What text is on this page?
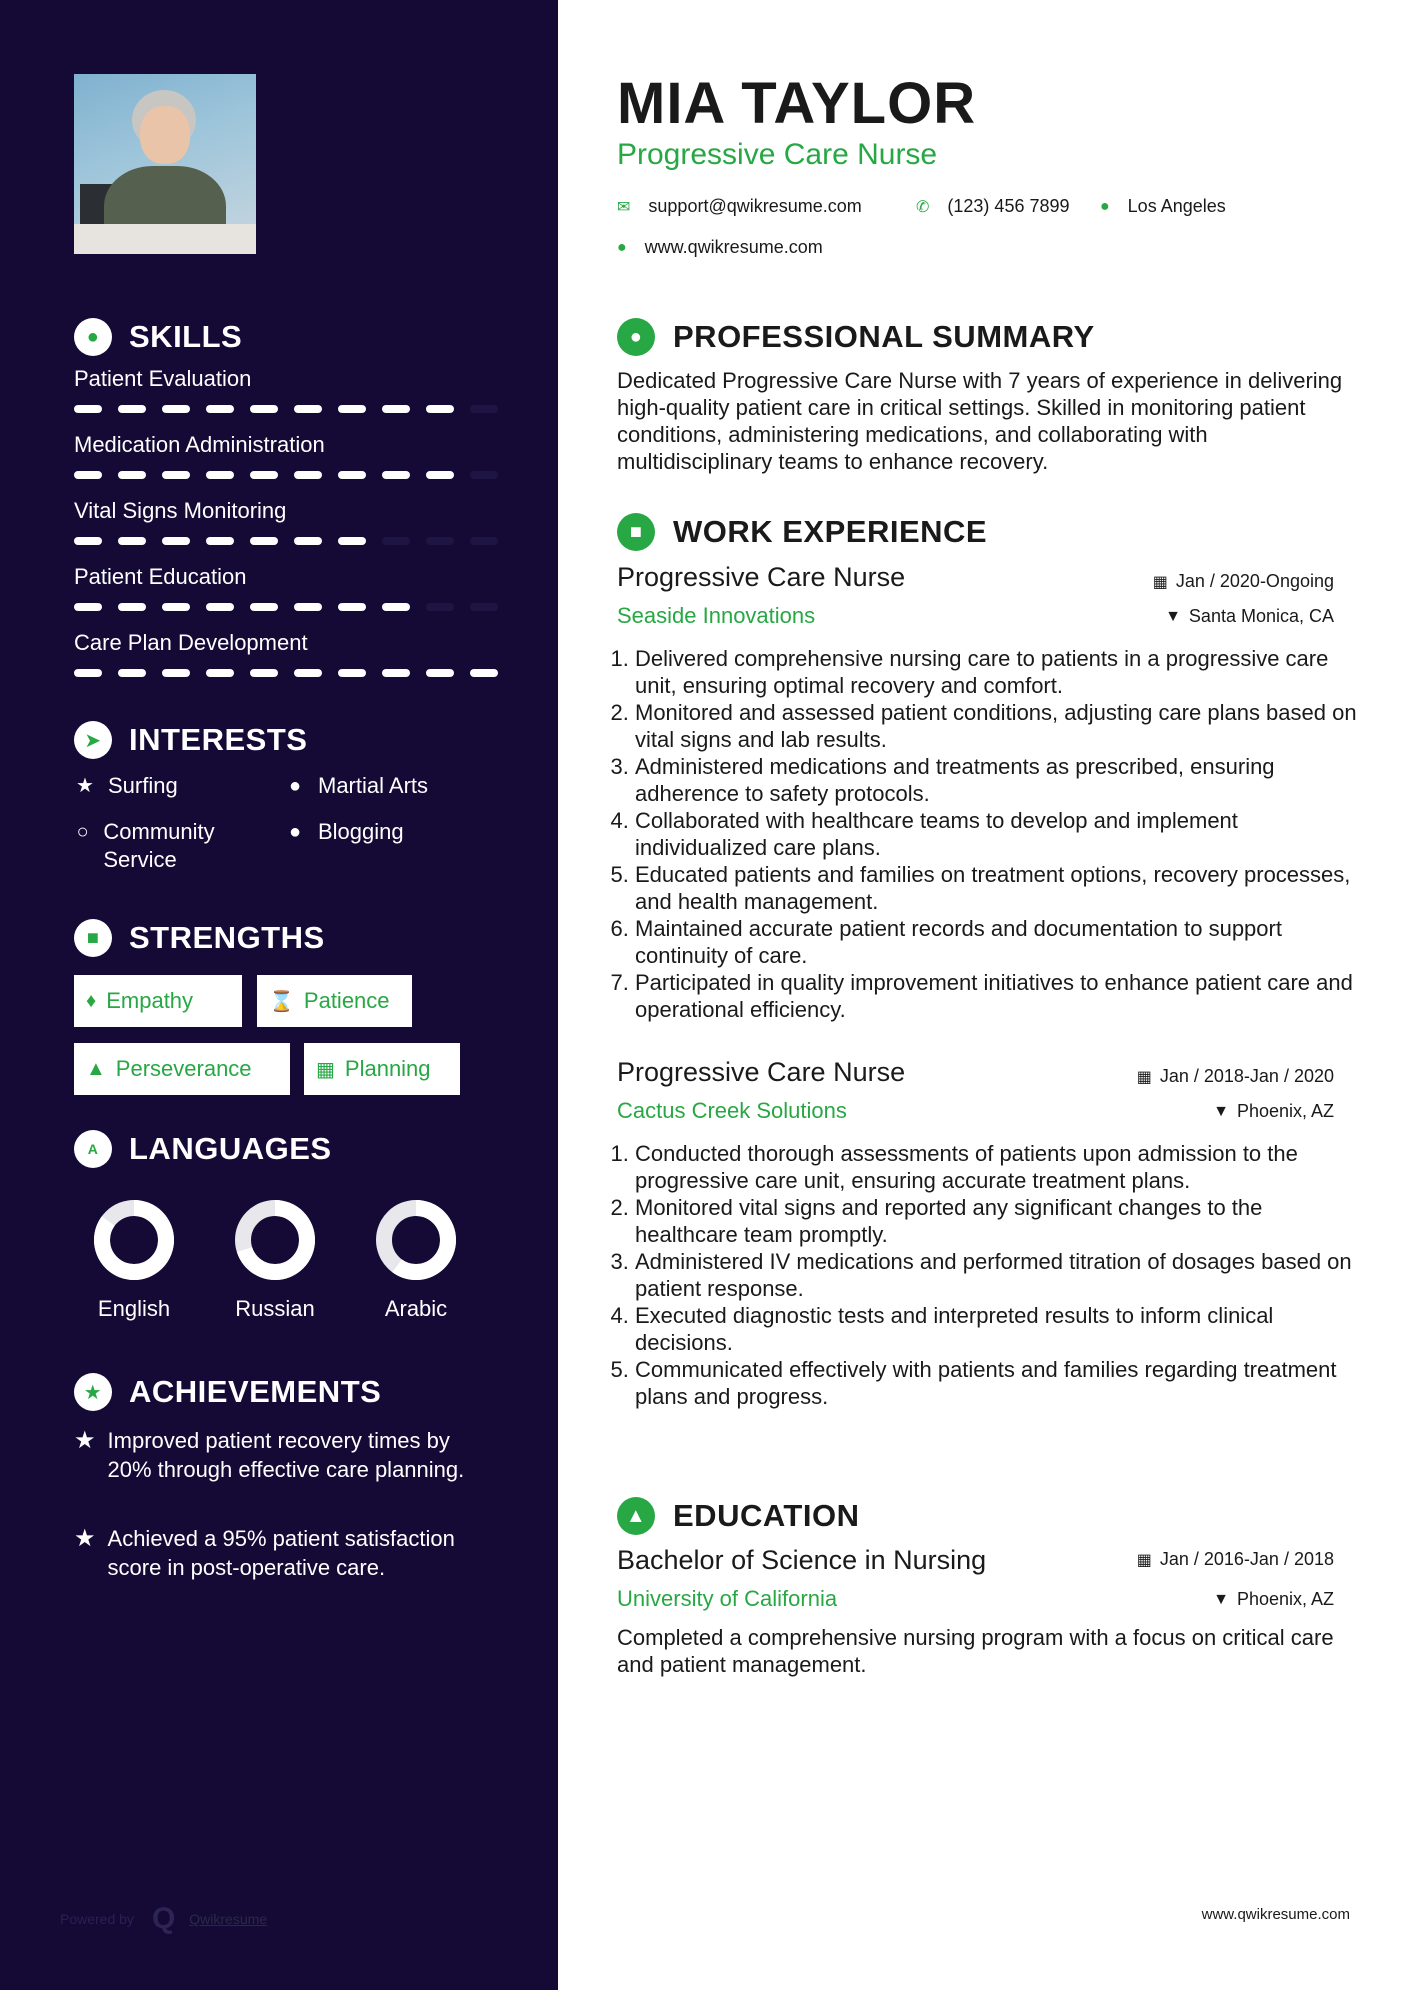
● SKILLS
Patient Evaluation
Medication Administration
Vital Signs Monitoring
Patient Education
Care Plan Development
➤ INTERESTS
★ Surfing	● Martial Arts
○ Community Service
● Blogging
■ STRENGTHS
♦ Empathy	⌛ Patience
▲ Perseverance	▦ Planning
A LANGUAGES
English	Russian	Arabic
★ ACHIEVEMENTS
★ Improved patient recovery times by 20% through effective care planning.
★ Achieved a 95% patient satisfaction score in post-operative care.
Powered by Q Qwikresume
MIA TAYLOR
Progressive Care Nurse
✉ support@qwikresume.com	✆ (123) 456 7899 ● Los Angeles
● www.qwikresume.com
● PROFESSIONAL SUMMARY
Dedicated Progressive Care Nurse with 7 years of experience in delivering high-quality patient care in critical settings. Skilled in monitoring patient conditions, administering medications, and collaborating with multidisciplinary teams to enhance recovery.
■ WORK EXPERIENCE
Progressive Care Nurse	▦ Jan / 2020-Ongoing
Seaside Innovations	▼ Santa Monica, CA
1. Delivered comprehensive nursing care to patients in a progressive care unit, ensuring optimal recovery and comfort.
2. Monitored and assessed patient conditions, adjusting care plans based on vital signs and lab results.
3. Administered medications and treatments as prescribed, ensuring adherence to safety protocols.
4. Collaborated with healthcare teams to develop and implement individualized care plans.
5. Educated patients and families on treatment options, recovery processes, and health management.
6. Maintained accurate patient records and documentation to support continuity of care.
7. Participated in quality improvement initiatives to enhance patient care and operational efficiency.
Progressive Care Nurse	▦ Jan / 2018-Jan / 2020
Cactus Creek Solutions	▼ Phoenix, AZ
1. Conducted thorough assessments of patients upon admission to the progressive care unit, ensuring accurate treatment plans.
2. Monitored vital signs and reported any significant changes to the healthcare team promptly.
3. Administered IV medications and performed titration of dosages based on patient response.
4. Executed diagnostic tests and interpreted results to inform clinical decisions.
5. Communicated effectively with patients and families regarding treatment plans and progress.
▲ EDUCATION
Bachelor of Science in Nursing	▦ Jan / 2016-Jan / 2018
University of California	▼ Phoenix, AZ
Completed a comprehensive nursing program with a focus on critical care and patient management.
www.qwikresume.com
